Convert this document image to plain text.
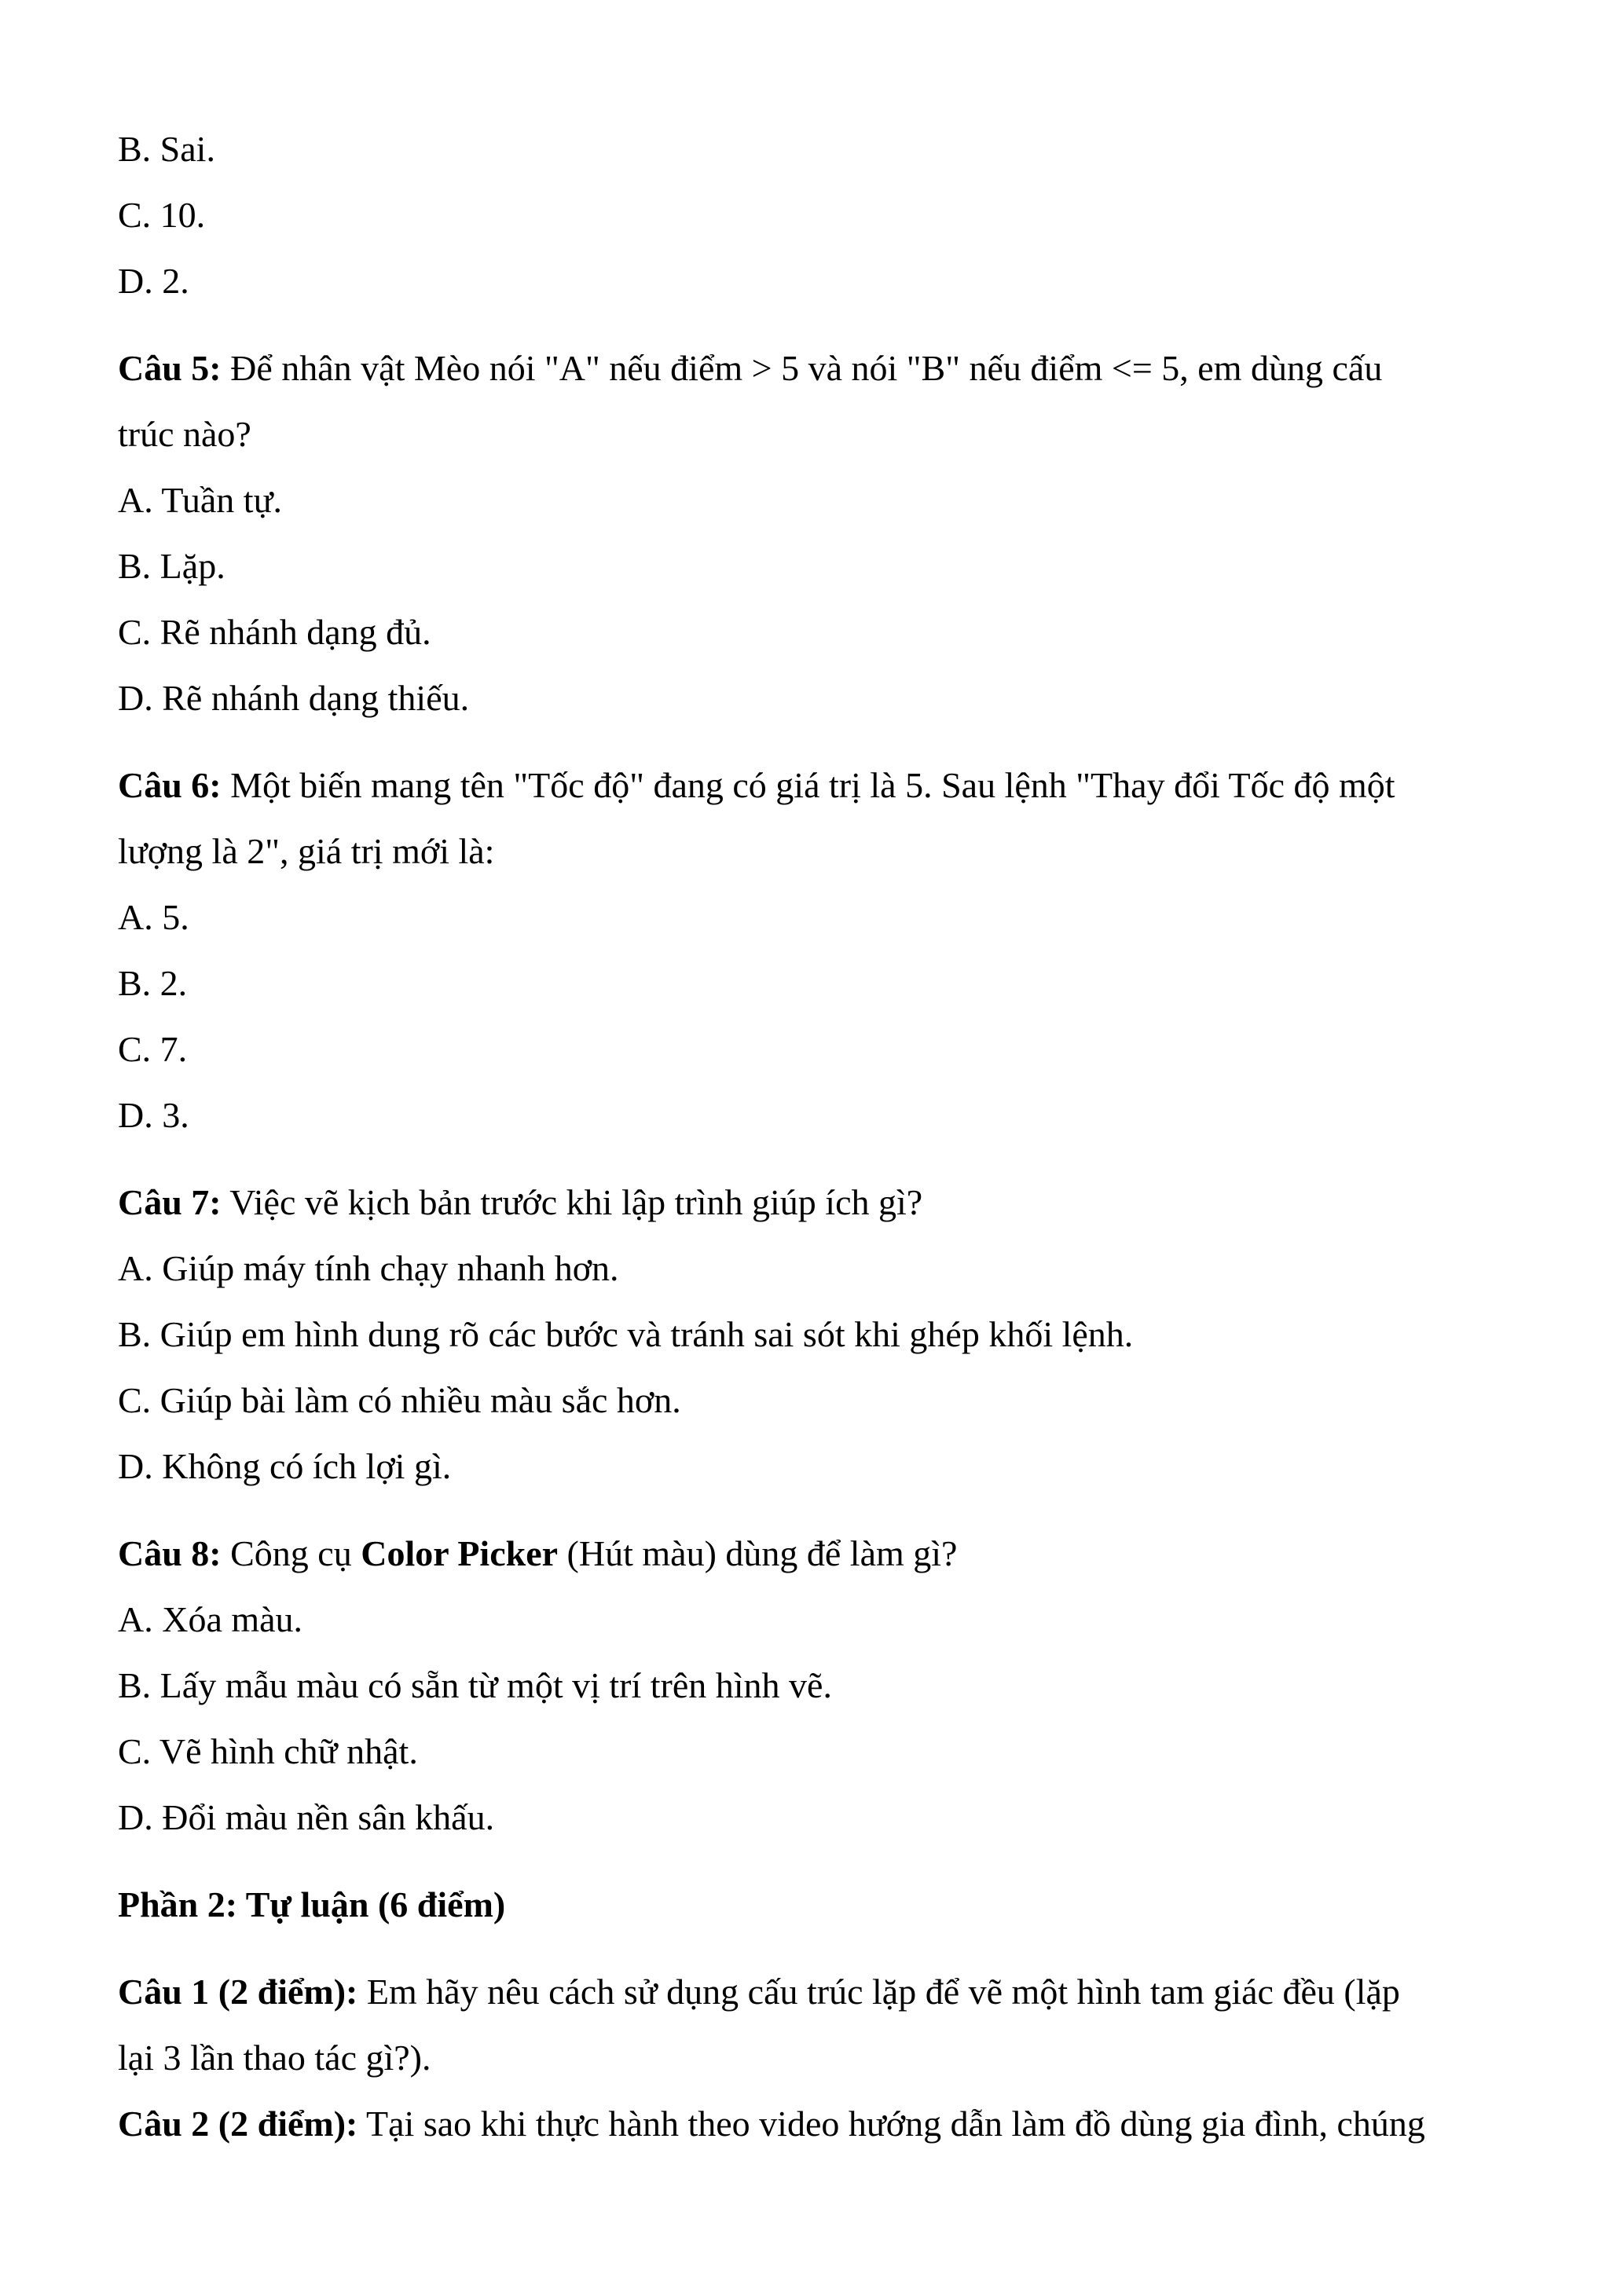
B. Sai.
C. 10.
D. 2.
Câu 5: Để nhân vật Mèo nói "A" nếu điểm > 5 và nói "B" nếu điểm <= 5, em dùng cấu
trúc nào?
A. Tuần tự.
B. Lặp.
C. Rẽ nhánh dạng đủ.
D. Rẽ nhánh dạng thiếu.
Câu 6: Một biến mang tên "Tốc độ" đang có giá trị là 5. Sau lệnh "Thay đổi Tốc độ một
lượng là 2", giá trị mới là:
A. 5.
B. 2.
C. 7.
D. 3.
Câu 7: Việc vẽ kịch bản trước khi lập trình giúp ích gì?
A. Giúp máy tính chạy nhanh hơn.
B. Giúp em hình dung rõ các bước và tránh sai sót khi ghép khối lệnh.
C. Giúp bài làm có nhiều màu sắc hơn.
D. Không có ích lợi gì.
Câu 8: Công cụ Color Picker (Hút màu) dùng để làm gì?
A. Xóa màu.
B. Lấy mẫu màu có sẵn từ một vị trí trên hình vẽ.
C. Vẽ hình chữ nhật.
D. Đổi màu nền sân khấu.
Phần 2: Tự luận (6 điểm)
Câu 1 (2 điểm): Em hãy nêu cách sử dụng cấu trúc lặp để vẽ một hình tam giác đều (lặp
lại 3 lần thao tác gì?).
Câu 2 (2 điểm): Tại sao khi thực hành theo video hướng dẫn làm đồ dùng gia đình, chúng
